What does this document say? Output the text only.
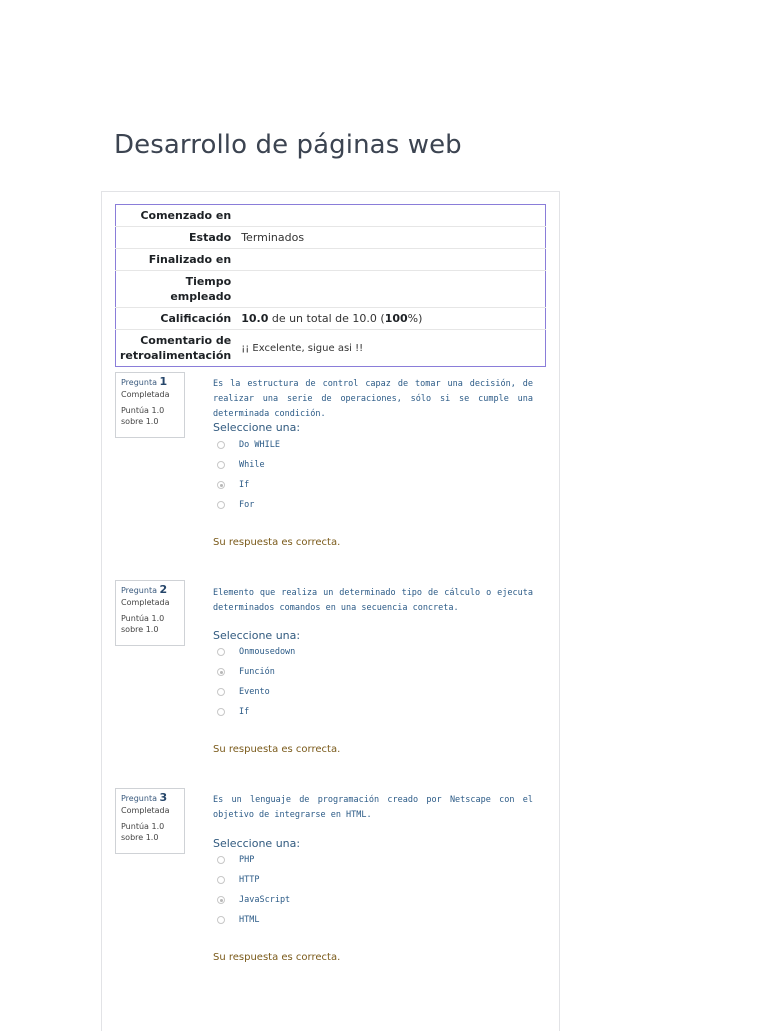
Desarrollo de páginas web
Comenzado en	
Estado	Terminados
Finalizado en	
Tiempo
empleado	
Calificación	10.0 de un total de 10.0 (100%)
Comentario de
retroalimentación	¡¡ Excelente, sigue asi !!
Pregunta 1
Completada
Puntúa 1.0
sobre 1.0
Es la estructura de control capaz de tomar una decisión, de realizar una serie de operaciones, sólo si se cumple una determinada condición.
Seleccione una:
Do WHILE
While
If
For
Su respuesta es correcta.
Pregunta 2
Completada
Puntúa 1.0
sobre 1.0
Elemento que realiza un determinado tipo de cálculo o ejecuta determinados comandos en una secuencia concreta.
Seleccione una:
Onmousedown
Función
Evento
If
Su respuesta es correcta.
Pregunta 3
Completada
Puntúa 1.0
sobre 1.0
Es un lenguaje de programación creado por Netscape con el objetivo de integrarse en HTML.
Seleccione una:
PHP
HTTP
JavaScript
HTML
Su respuesta es correcta.
